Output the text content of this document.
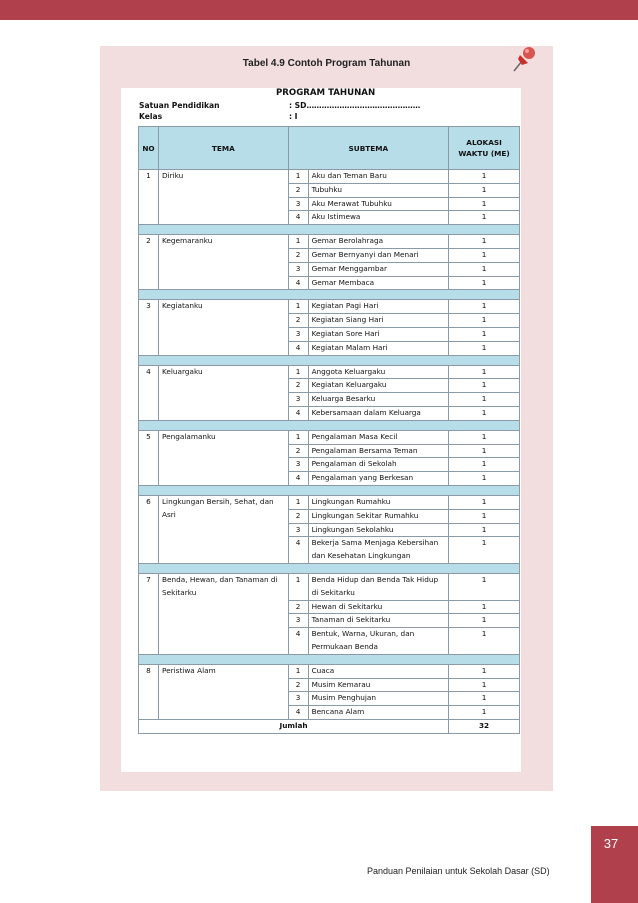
Tabel 4.9 Contoh Program Tahunan
PROGRAM TAHUNAN
Satuan Pendidikan	: SD………………………………………
Kelas	: I
NO	TEMA	SUBTEMA		ALOKASI WAKTU (ME)
1	Diriku	1	Aku dan Teman Baru	1
		2	Tubuhku	1
		3	Aku Merawat Tubuhku	1
		4	Aku Istimewa	1

2	Kegemaranku	1	Gemar Berolahraga	1
		2	Gemar Bernyanyi dan Menari	1
		3	Gemar Menggambar	1
		4	Gemar Membaca	1

3	Kegiatanku	1	Kegiatan Pagi Hari	1
		2	Kegiatan Siang Hari	1
		3	Kegiatan Sore Hari	1
		4	Kegiatan Malam Hari	1

4	Keluargaku	1	Anggota Keluargaku	1
		2	Kegiatan Keluargaku	1
		3	Keluarga Besarku	1
		4	Kebersamaan dalam Keluarga	1

5	Pengalamanku	1	Pengalaman Masa Kecil	1
		2	Pengalaman Bersama Teman	1
		3	Pengalaman di Sekolah	1
		4	Pengalaman yang Berkesan	1

6	Lingkungan Bersih, Sehat, dan Asri	1	Lingkungan Rumahku	1
		2	Lingkungan Sekitar Rumahku	1
		3	Lingkungan Sekolahku	1
		4	Bekerja Sama Menjaga Kebersihan dan Kesehatan Lingkungan	1

7	Benda, Hewan, dan Tanaman di Sekitarku	1	Benda Hidup dan Benda Tak Hidup di Sekitarku	1
		2	Hewan di Sekitarku	1
		3	Tanaman di Sekitarku	1
		4	Bentuk, Warna, Ukuran, dan Permukaan Benda	1

8	Peristiwa Alam	1	Cuaca	1
		2	Musim Kemarau	1
		3	Musim Penghujan	1
		4	Bencana Alam	1
Jumlah				32
Panduan Penilaian untuk Sekolah Dasar (SD)
37
